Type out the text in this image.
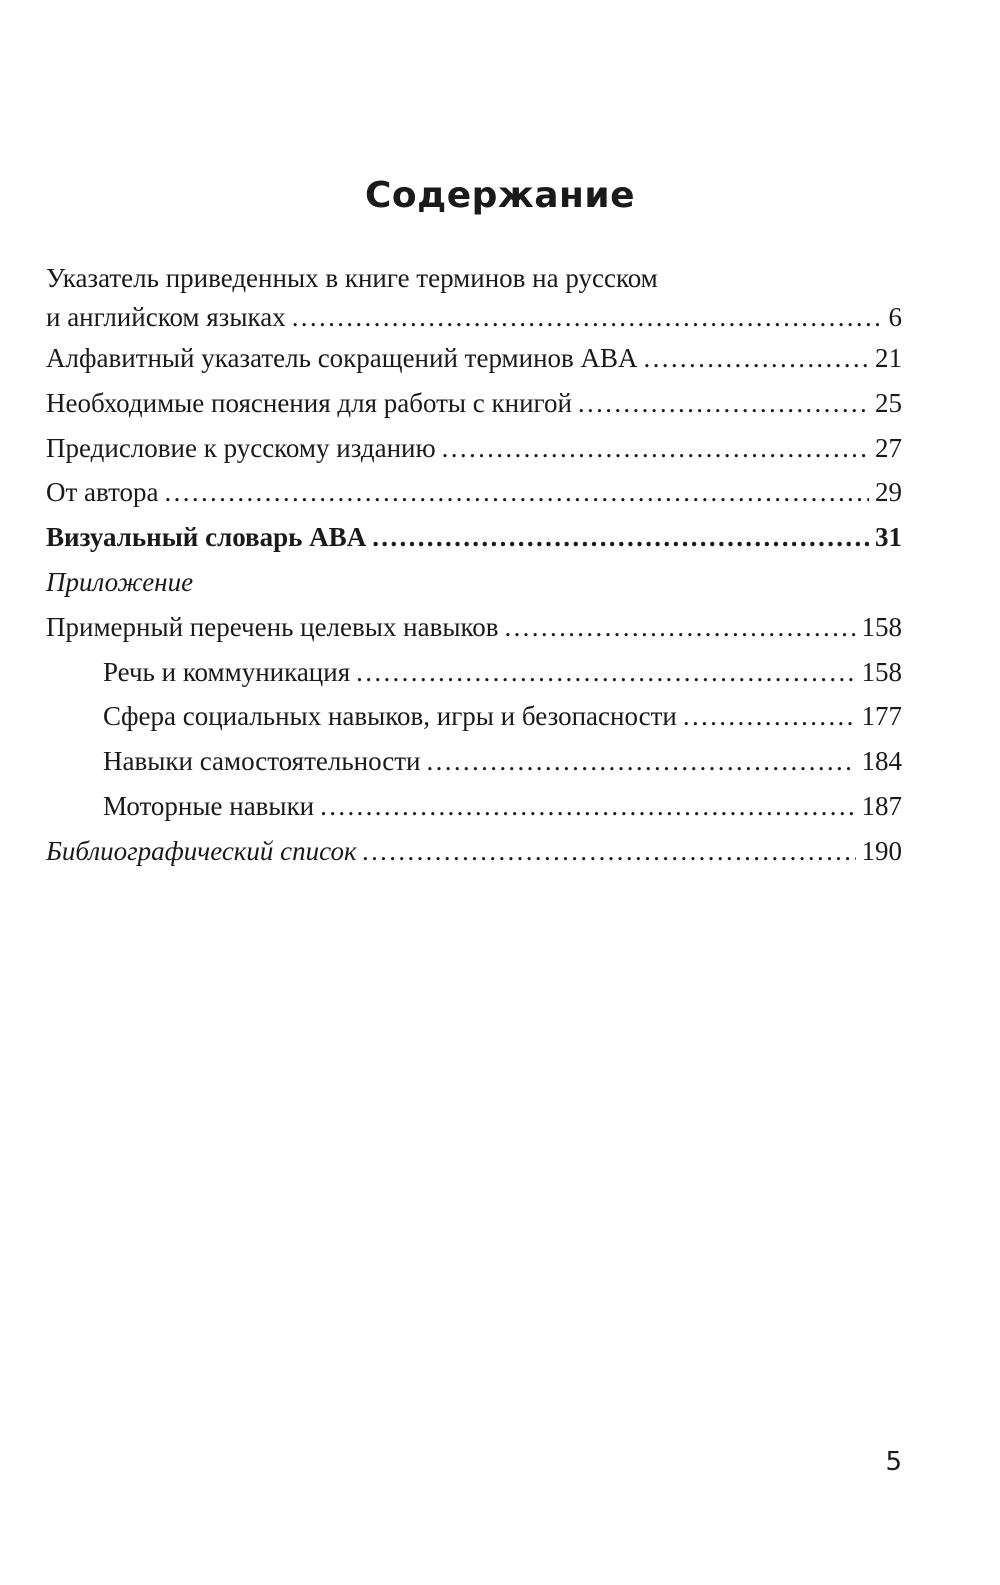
Содержание
Указатель приведенных в книге терминов на русском
и английском языках . . .	6
Алфавитный указатель сокращений терминов ABA . . .	21
Необходимые пояснения для работы с книгой . . .	25
Предисловие к русскому изданию . . .	27
От автора . . .	29
Визуальный словарь ABA . . .	31
Приложение
Примерный перечень целевых навыков . . .	158
Речь и коммуникация . . .	158
Сфера социальных навыков, игры и безопасности . . .	177
Навыки самостоятельности . . .	184
Моторные навыки . . .	187
Библиографический список . . .	190
5
